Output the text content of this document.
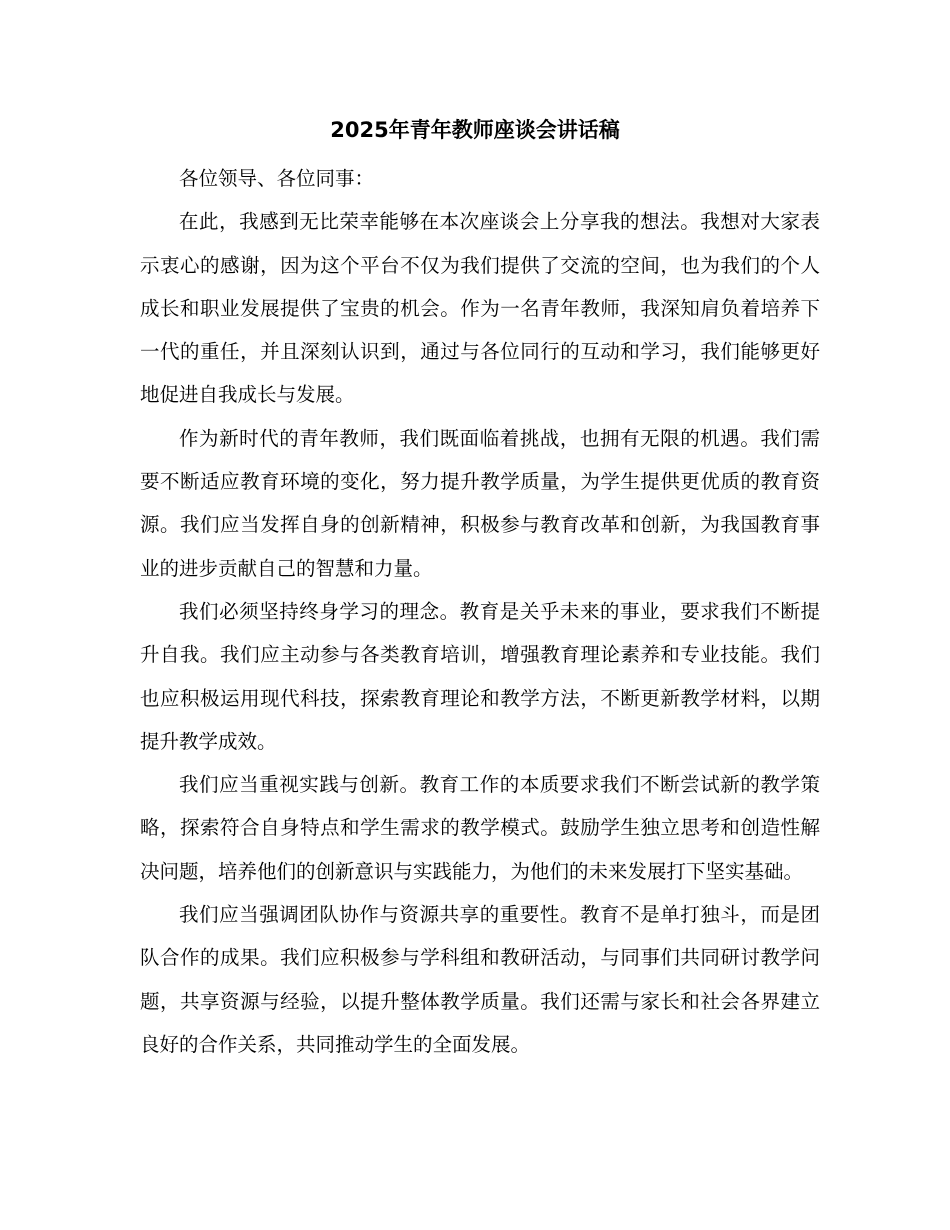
2025年青年教师座谈会讲话稿

各位领导、各位同事：

在此，我感到无比荣幸能够在本次座谈会上分享我的想法。我想对大家表示衷心的感谢，因为这个平台不仅为我们提供了交流的空间，也为我们的个人成长和职业发展提供了宝贵的机会。作为一名青年教师，我深知肩负着培养下一代的重任，并且深刻认识到，通过与各位同行的互动和学习，我们能够更好地促进自我成长与发展。

作为新时代的青年教师，我们既面临着挑战，也拥有无限的机遇。我们需要不断适应教育环境的变化，努力提升教学质量，为学生提供更优质的教育资源。我们应当发挥自身的创新精神，积极参与教育改革和创新，为我国教育事业的进步贡献自己的智慧和力量。

我们必须坚持终身学习的理念。教育是关乎未来的事业，要求我们不断提升自我。我们应主动参与各类教育培训，增强教育理论素养和专业技能。我们也应积极运用现代科技，探索教育理论和教学方法，不断更新教学材料，以期提升教学成效。

我们应当重视实践与创新。教育工作的本质要求我们不断尝试新的教学策略，探索符合自身特点和学生需求的教学模式。鼓励学生独立思考和创造性解决问题，培养他们的创新意识与实践能力，为他们的未来发展打下坚实基础。

我们应当强调团队协作与资源共享的重要性。教育不是单打独斗，而是团队合作的成果。我们应积极参与学科组和教研活动，与同事们共同研讨教学问题，共享资源与经验，以提升整体教学质量。我们还需与家长和社会各界建立良好的合作关系，共同推动学生的全面发展。
